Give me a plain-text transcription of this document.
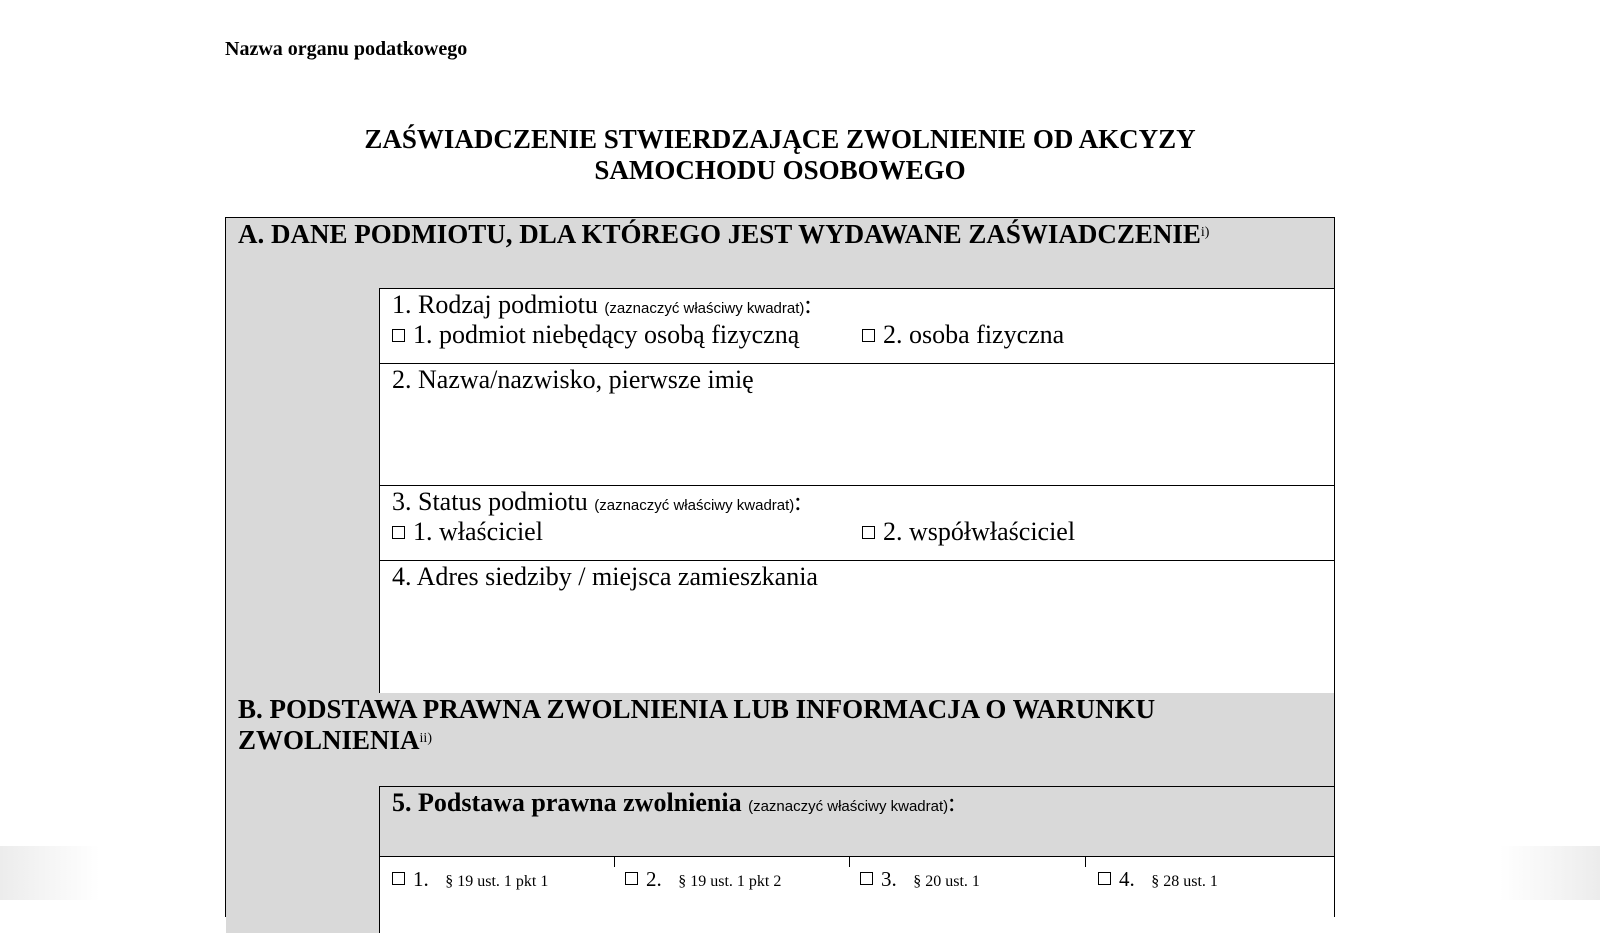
Nazwa organu podatkowego
ZAŚWIADCZENIE STWIERDZAJĄCE ZWOLNIENIE OD AKCYZY
SAMOCHODU OSOBOWEGO
A. DANE PODMIOTU, DLA KTÓREGO JEST WYDAWANE ZAŚWIADCZENIE$^{i)}$
1. Rodzaj podmiotu (zaznaczyć właściwy kwadrat):
1. podmiot niebędący osobą fizyczną	2. osoba fizyczna
2. Nazwa/nazwisko, pierwsze imię
3. Status podmiotu (zaznaczyć właściwy kwadrat):
1. właściciel	2. współwłaściciel
4. Adres siedziby / miejsca zamieszkania
B. PODSTAWA PRAWNA ZWOLNIENIA LUB INFORMACJA O WARUNKU
ZWOLNIENIA$^{ii)}$
5. Podstawa prawna zwolnienia (zaznaczyć właściwy kwadrat):
1. § 19 ust. 1 pkt 1	2. § 19 ust. 1 pkt 2	3. § 20 ust. 1	4. § 28 ust. 1
